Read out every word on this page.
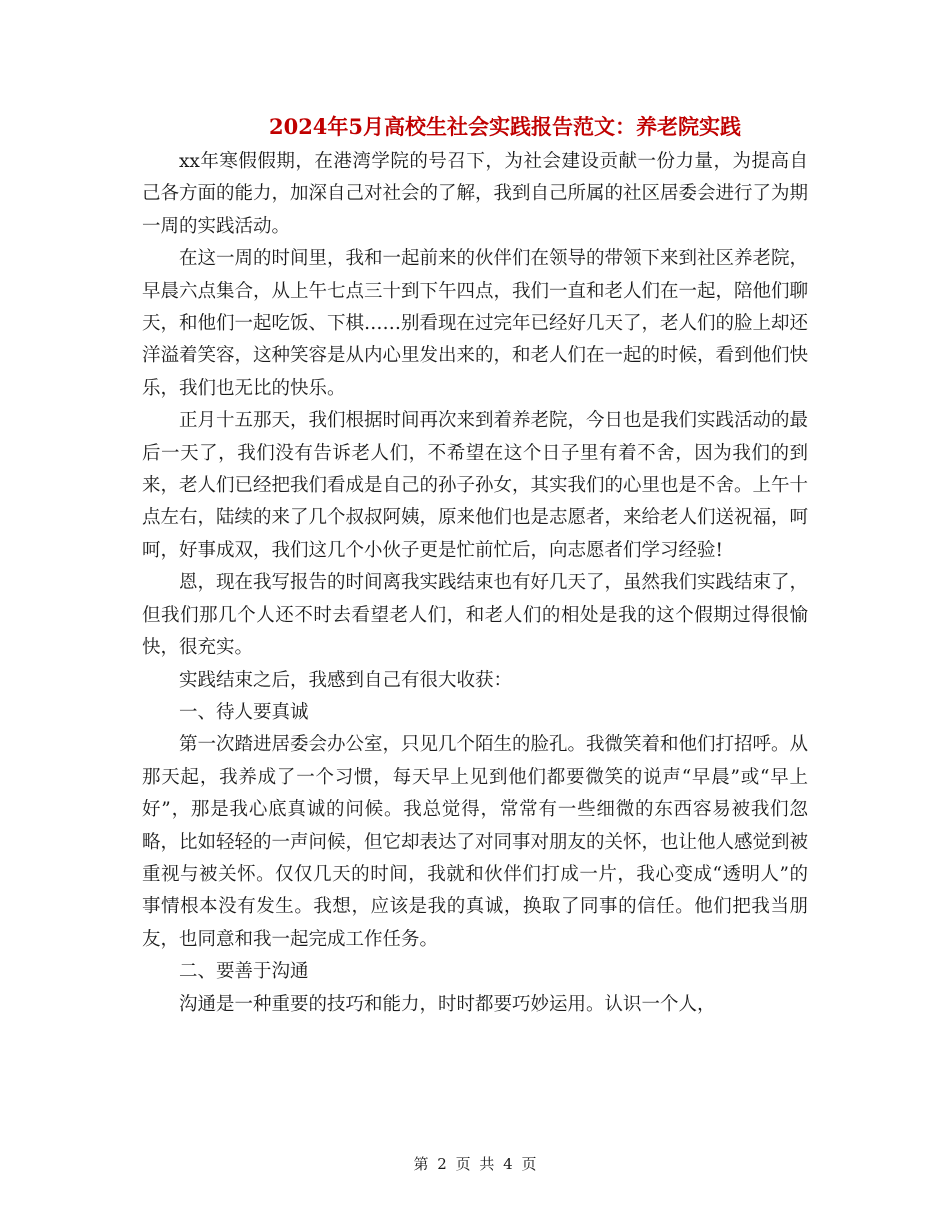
2024年5月高校生社会实践报告范文：养老院实践

xx年寒假假期，在港湾学院的号召下，为社会建设贡献一份力量，为提高自己各方面的能力，加深自己对社会的了解，我到自己所属的社区居委会进行了为期一周的实践活动。

在这一周的时间里，我和一起前来的伙伴们在领导的带领下来到社区养老院，早晨六点集合，从上午七点三十到下午四点，我们一直和老人们在一起，陪他们聊天，和他们一起吃饭、下棋……别看现在过完年已经好几天了，老人们的脸上却还洋溢着笑容，这种笑容是从内心里发出来的，和老人们在一起的时候，看到他们快乐，我们也无比的快乐。

正月十五那天，我们根据时间再次来到着养老院，今日也是我们实践活动的最后一天了，我们没有告诉老人们，不希望在这个日子里有着不舍，因为我们的到来，老人们已经把我们看成是自己的孙子孙女，其实我们的心里也是不舍。上午十点左右，陆续的来了几个叔叔阿姨，原来他们也是志愿者，来给老人们送祝福，呵呵，好事成双，我们这几个小伙子更是忙前忙后，向志愿者们学习经验!

恩，现在我写报告的时间离我实践结束也有好几天了，虽然我们实践结束了，但我们那几个人还不时去看望老人们，和老人们的相处是我的这个假期过得很愉快，很充实。

实践结束之后，我感到自己有很大收获：

一、待人要真诚

第一次踏进居委会办公室，只见几个陌生的脸孔。我微笑着和他们打招呼。从那天起，我养成了一个习惯，每天早上见到他们都要微笑的说声“早晨”或“早上好”，那是我心底真诚的问候。我总觉得，常常有一些细微的东西容易被我们忽略，比如轻轻的一声问候，但它却表达了对同事对朋友的关怀，也让他人感觉到被重视与被关怀。仅仅几天的时间，我就和伙伴们打成一片，我心变成“透明人”的事情根本没有发生。我想，应该是我的真诚，换取了同事的信任。他们把我当朋友，也同意和我一起完成工作任务。

二、要善于沟通

沟通是一种重要的技巧和能力，时时都要巧妙运用。认识一个人，

第 2 页 共 4 页
